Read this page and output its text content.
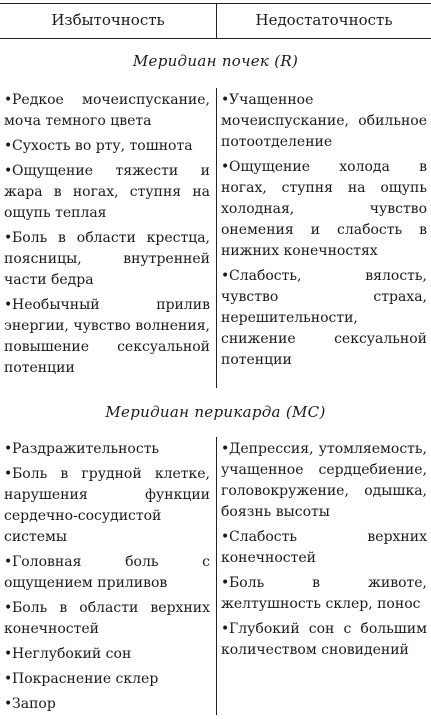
Избыточность	Недостаточность
Меридиан почек (R)
•Редкое мочеиспускание, моча темного цвета
•Сухость во рту, тошнота
•Ощущение тяжести и жара в ногах, ступня на ощупь теплая
•Боль в области крестца, поясницы, внутренней части бедра
•Необычный прилив энергии, чувство волнения, повышение сексуальной потенции
•Учащенное мочеиспускание, обильное потоотделение
•Ощущение холода в ногах, ступня на ощупь холодная, чувство онемения и слабость в нижних конечностях
•Слабость, вялость, чувство страха, нерешительности, снижение сексуальной потенции
Меридиан перикарда (MC)
•Раздражительность
•Боль в грудной клетке, нарушения функции сердечно-сосудистой системы
•Головная боль с ощущением приливов
•Боль в области верхних конечностей
•Неглубокий сон
•Покраснение склер
•Запор
•Депрессия, утомляемость, учащенное сердцебиение, головокружение, одышка, боязнь высоты
•Слабость верхних конечностей
•Боль в животе, желтушность склер, понос
•Глубокий сон с большим количеством сновидений
